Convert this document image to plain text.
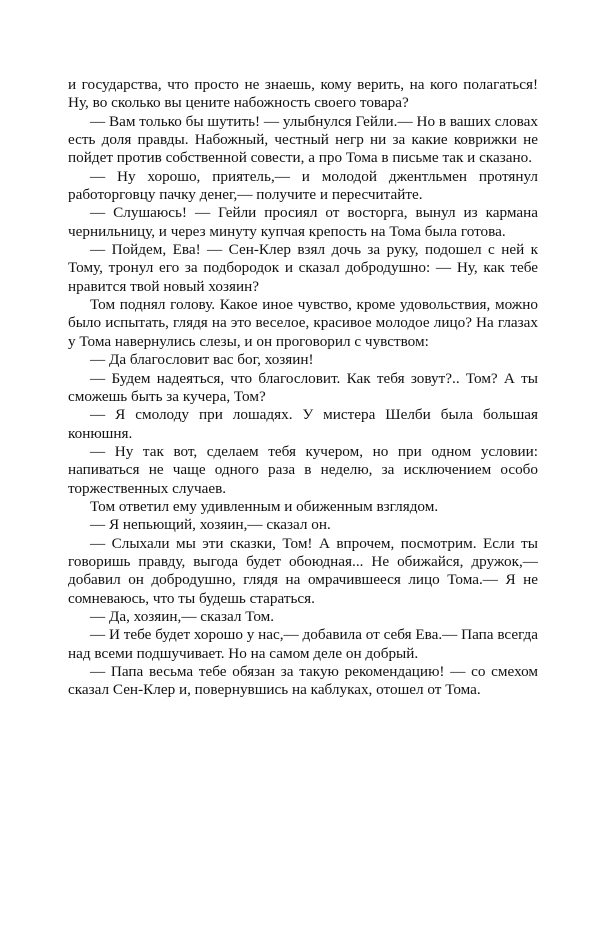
и государства, что просто не знаешь, кому верить, на кого полагаться! Ну, во сколько вы цените набожность своего товара?

— Вам только бы шутить! — улыбнулся Гейли.— Но в ваших словах есть доля правды. Набожный, честный негр ни за какие коврижки не пойдет против собственной совести, а про Тома в письме так и сказано.

— Ну хорошо, приятель,— и молодой джентльмен протянул работорговцу пачку денег,— получите и пересчитайте.

— Слушаюсь! — Гейли просиял от восторга, вынул из кармана чернильницу, и через минуту купчая крепость на Тома была готова.

— Пойдем, Ева! — Сен-Клер взял дочь за руку, подошел с ней к Тому, тронул его за подбородок и сказал добродушно: — Ну, как тебе нравится твой новый хозяин?

Том поднял голову. Какое иное чувство, кроме удовольствия, можно было испытать, глядя на это веселое, красивое молодое лицо? На глазах у Тома навернулись слезы, и он проговорил с чувством:

— Да благословит вас бог, хозяин!

— Будем надеяться, что благословит. Как тебя зовут?.. Том? А ты сможешь быть за кучера, Том?

— Я смолоду при лошадях. У мистера Шелби была большая конюшня.

— Ну так вот, сделаем тебя кучером, но при одном условии: напиваться не чаще одного раза в неделю, за исключением особо торжественных случаев.

Том ответил ему удивленным и обиженным взглядом.

— Я непьющий, хозяин,— сказал он.

— Слыхали мы эти сказки, Том! А впрочем, посмотрим. Если ты говоришь правду, выгода будет обоюдная... Не обижайся, дружок,— добавил он добродушно, глядя на омрачившееся лицо Тома.— Я не сомневаюсь, что ты будешь стараться.

— Да, хозяин,— сказал Том.

— И тебе будет хорошо у нас,— добавила от себя Ева.— Папа всегда над всеми подшучивает. Но на самом деле он добрый.

— Папа весьма тебе обязан за такую рекомендацию! — со смехом сказал Сен-Клер и, повернувшись на каблуках, отошел от Тома.
